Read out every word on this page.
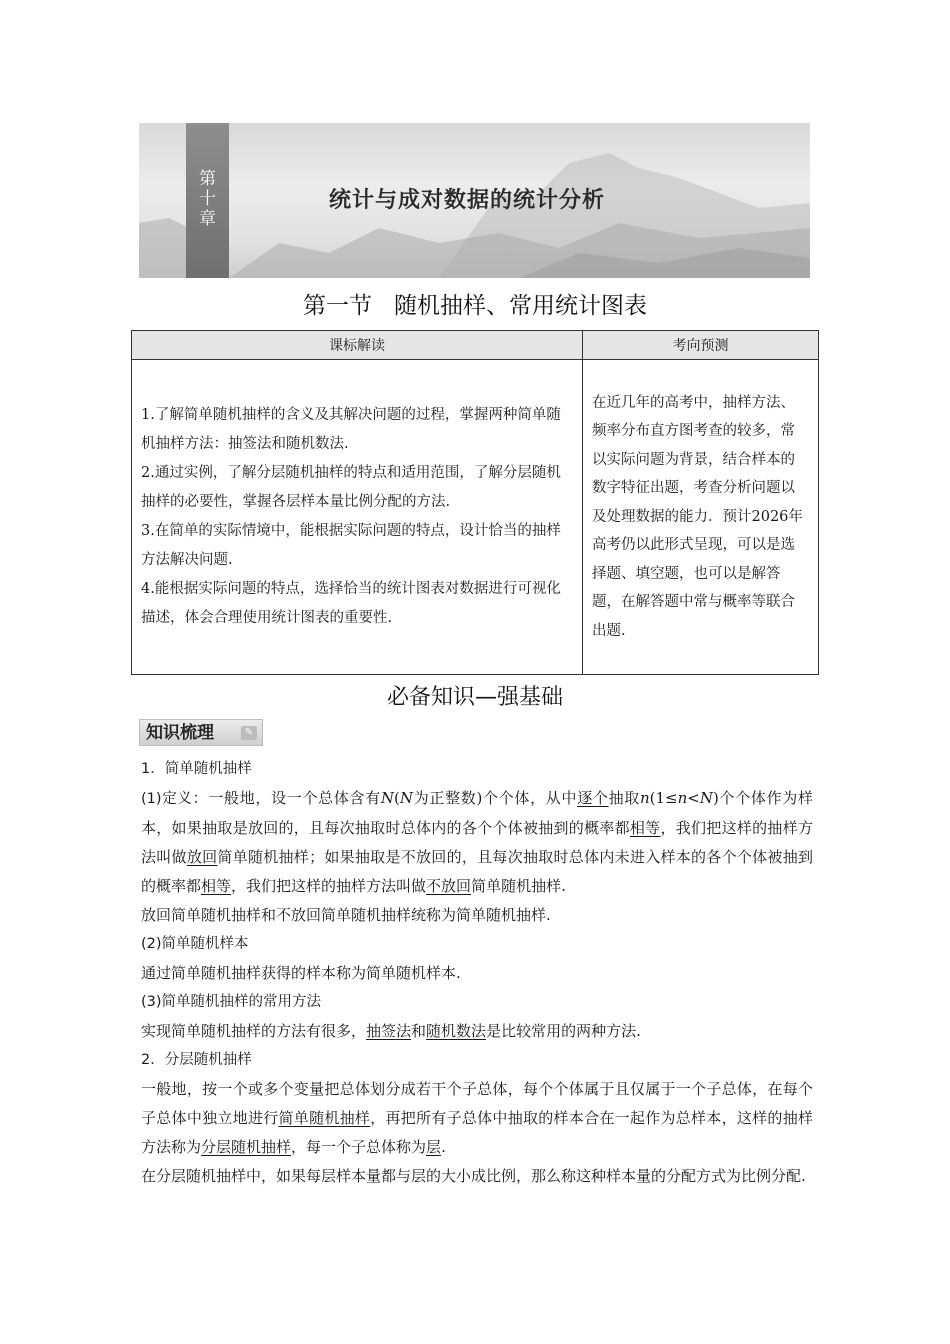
第十章
统计与成对数据的统计分析
第一节 随机抽样、常用统计图表
课标解读	考向预测

1.了解简单随机抽样的含义及其解决问题的过程，掌握两种简单随机抽样方法：抽签法和随机数法.
2.通过实例，了解分层随机抽样的特点和适用范围，了解分层随机抽样的必要性，掌握各层样本量比例分配的方法.
3.在简单的实际情境中，能根据实际问题的特点，设计恰当的抽样方法解决问题.
4.能根据实际问题的特点，选择恰当的统计图表对数据进行可视化描述，体会合理使用统计图表的重要性.	在近几年的高考中，抽样方法、频率分布直方图考查的较多，常以实际问题为背景，结合样本的数字特征出题，考查分析问题以及处理数据的能力．预计2026年高考仍以此形式呈现，可以是选择题、填空题，也可以是解答题，在解答题中常与概率等联合出题.
必备知识—强基础
知识梳理	✎

1．简单随机抽样

(1)定义：一般地，设一个总体含有N(N为正整数)个个体，从中逐个抽取n(1≤n<N)个个体作为样本，如果抽取是放回的，且每次抽取时总体内的各个个体被抽到的概率都相等，我们把这样的抽样方法叫做放回简单随机抽样；如果抽取是不放回的，且每次抽取时总体内未进入样本的各个个体被抽到的概率都相等，我们把这样的抽样方法叫做不放回简单随机抽样.

放回简单随机抽样和不放回简单随机抽样统称为简单随机抽样.

(2)简单随机样本

通过简单随机抽样获得的样本称为简单随机样本.

(3)简单随机抽样的常用方法

实现简单随机抽样的方法有很多，抽签法和随机数法是比较常用的两种方法.

2．分层随机抽样

一般地，按一个或多个变量把总体划分成若干个子总体，每个个体属于且仅属于一个子总体，在每个子总体中独立地进行简单随机抽样，再把所有子总体中抽取的样本合在一起作为总样本，这样的抽样方法称为分层随机抽样，每一个子总体称为层.

在分层随机抽样中，如果每层样本量都与层的大小成比例，那么称这种样本量的分配方式为比例分配.
